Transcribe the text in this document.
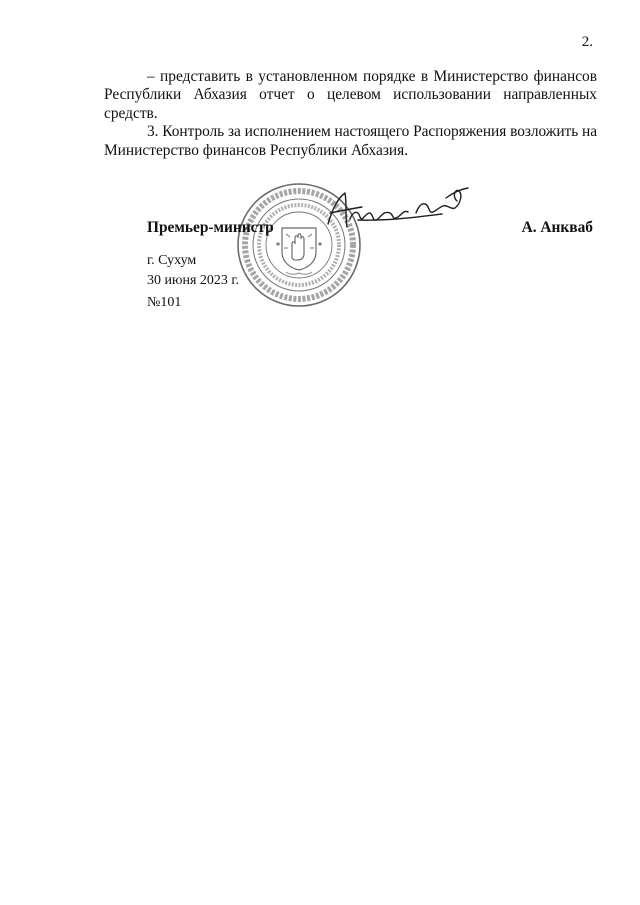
2.
– представить в установленном порядке в Министерство финансов
Республики Абхазия отчет о целевом использовании направленных
средств.
3. Контроль за исполнением настоящего Распоряжения возложить на
Министерство финансов Республики Абхазия.
Премьер-министр	А. Анкваб
г. Сухум
30 июня 2023 г.
№101
